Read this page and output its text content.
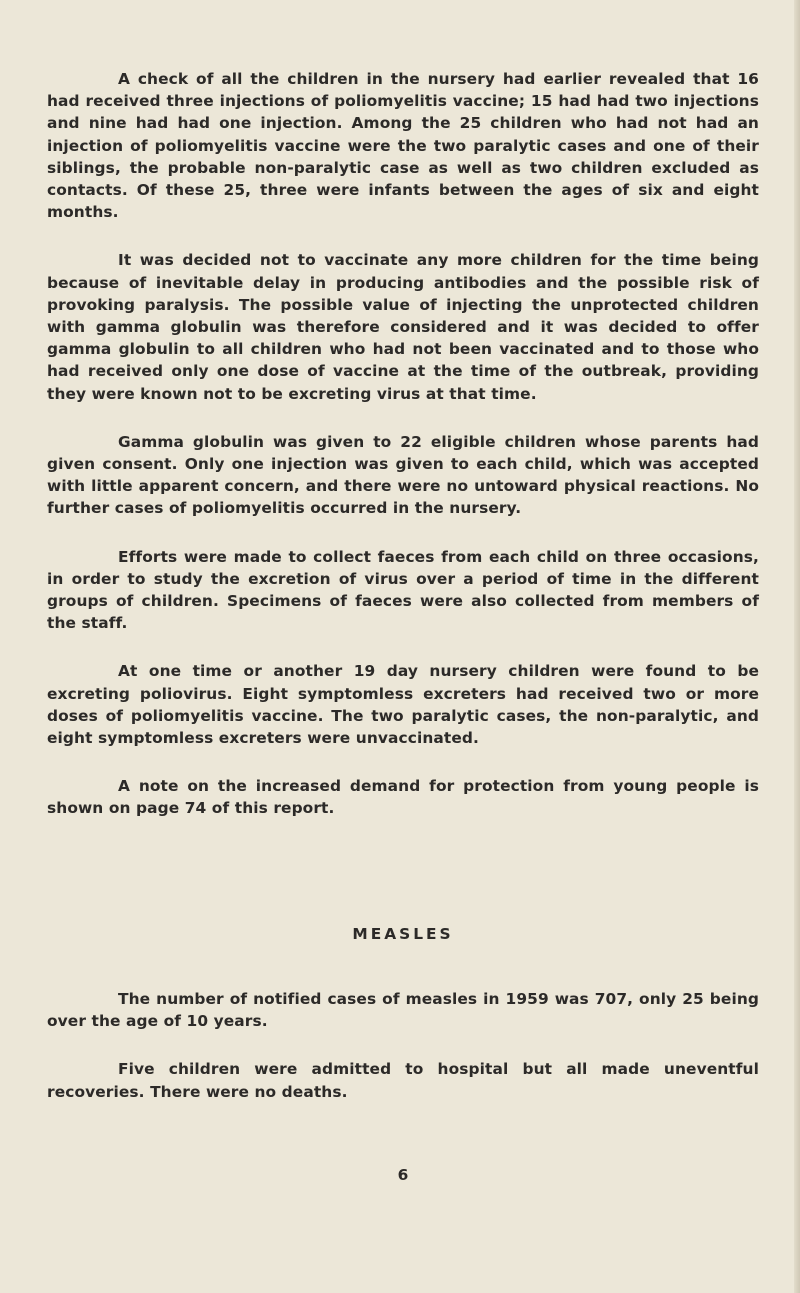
A check of all the children in the nursery had earlier revealed that 16 had received three injections of poliomyelitis vaccine; 15 had had two injections and nine had had one injection. Among the 25 children who had not had an injection of poliomyelitis vaccine were the two paralytic cases and one of their siblings, the probable non-paralytic case as well as two children excluded as contacts. Of these 25, three were infants between the ages of six and eight months.

It was decided not to vaccinate any more children for the time being because of inevitable delay in producing antibodies and the possible risk of provoking paralysis. The possible value of injecting the unprotected children with gamma globulin was therefore considered and it was decided to offer gamma globulin to all children who had not been vaccinated and to those who had received only one dose of vaccine at the time of the outbreak, providing they were known not to be excreting virus at that time.

Gamma globulin was given to 22 eligible children whose parents had given consent. Only one injection was given to each child, which was accepted with little apparent concern, and there were no untoward physical reactions. No further cases of poliomyelitis occurred in the nursery.

Efforts were made to collect faeces from each child on three occasions, in order to study the excretion of virus over a period of time in the different groups of children. Specimens of faeces were also collected from members of the staff.

At one time or another 19 day nursery children were found to be excreting poliovirus. Eight symptomless excreters had received two or more doses of poliomyelitis vaccine. The two paralytic cases, the non-paralytic, and eight symptomless excreters were unvaccinated.

A note on the increased demand for protection from young people is shown on page 74 of this report.

MEASLES

The number of notified cases of measles in 1959 was 707, only 25 being over the age of 10 years.

Five children were admitted to hospital but all made uneventful recoveries. There were no deaths.

6
